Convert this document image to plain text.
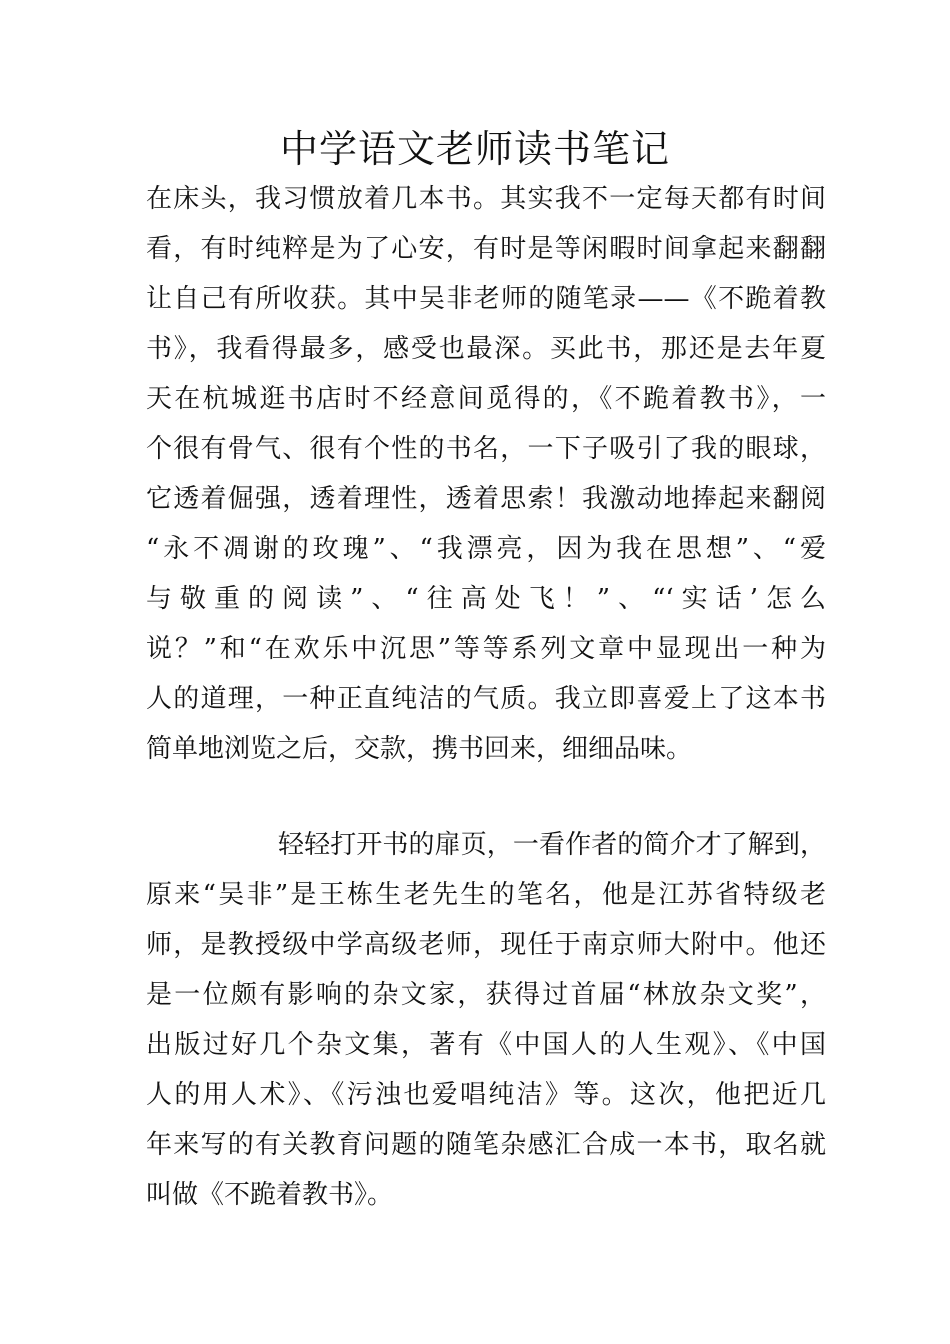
中学语文老师读书笔记
在床头，我习惯放着几本书。其实我不一定每天都有时间
看，有时纯粹是为了心安，有时是等闲暇时间拿起来翻翻
让自己有所收获。其中吴非老师的随笔录——《不跪着教
书》，我看得最多，感受也最深。买此书，那还是去年夏
天在杭城逛书店时不经意间觅得的，《不跪着教书》，一
个很有骨气、很有个性的书名，一下子吸引了我的眼球，
它透着倔强，透着理性，透着思索！我激动地捧起来翻阅
“永不凋谢的玫瑰”、“我漂亮，因为我在思想”、“爱
与敬重的阅读”、“往高处飞！”、“‘实话’怎么
说？”和“在欢乐中沉思”等等系列文章中显现出一种为
人的道理，一种正直纯洁的气质。我立即喜爱上了这本书
简单地浏览之后，交款，携书回来，细细品味。
轻轻打开书的扉页，一看作者的简介才了解到，
原来“吴非”是王栋生老先生的笔名，他是江苏省特级老
师，是教授级中学高级老师，现任于南京师大附中。他还
是一位颇有影响的杂文家，获得过首届“林放杂文奖”，
出版过好几个杂文集，著有《中国人的人生观》、《中国
人的用人术》、《污浊也爱唱纯洁》等。这次，他把近几
年来写的有关教育问题的随笔杂感汇合成一本书，取名就
叫做《不跪着教书》。
